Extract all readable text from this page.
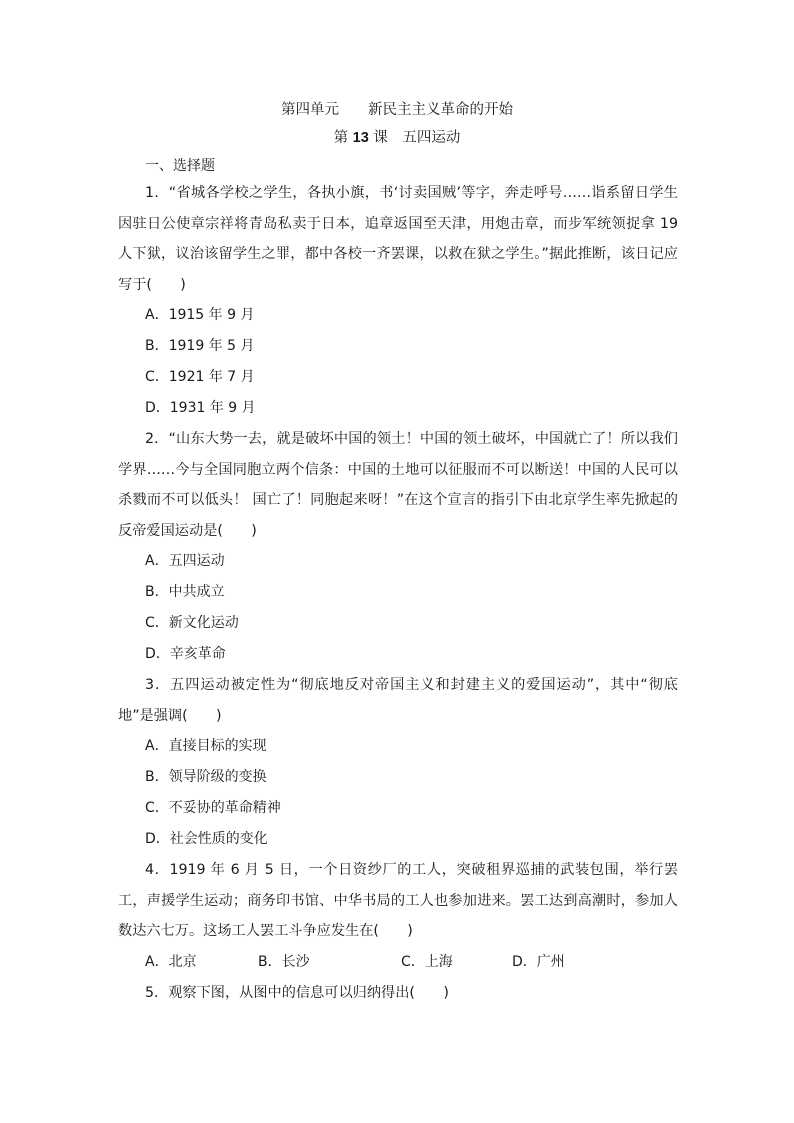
第四单元　　新民主主义革命的开始
第 13 课　五四运动
一、选择题
1．“省城各学校之学生，各执小旗，书‘讨卖国贼’等字，奔走呼号……诣系留日学生因驻日公使章宗祥将青岛私卖于日本，追章返国至天津，用炮击章，而步军统领捉拿 19 人下狱，议治该留学生之罪，都中各校一齐罢课，以救在狱之学生。”据此推断，该日记应写于(　　)
A．1915 年 9 月
B．1919 年 5 月
C．1921 年 7 月
D．1931 年 9 月
2．“山东大势一去，就是破坏中国的领土！中国的领土破坏，中国就亡了！所以我们学界……今与全国同胞立两个信条：中国的土地可以征服而不可以断送！中国的人民可以杀戮而不可以低头！ 国亡了！同胞起来呀！”在这个宣言的指引下由北京学生率先掀起的反帝爱国运动是(　　)
A．五四运动
B．中共成立
C．新文化运动
D．辛亥革命
3．五四运动被定性为“彻底地反对帝国主义和封建主义的爱国运动”，其中“彻底地”是强调(　　)
A．直接目标的实现
B．领导阶级的变换
C．不妥协的革命精神
D．社会性质的变化
4．1919 年 6 月 5 日，一个日资纱厂的工人，突破租界巡捕的武装包围，举行罢工，声援学生运动；商务印书馆、中华书局的工人也参加进来。罢工达到高潮时，参加人数达六七万。这场工人罢工斗争应发生在(　　)
A．北京	B．长沙	C．上海	D．广州
5．观察下图，从图中的信息可以归纳得出(　　)
